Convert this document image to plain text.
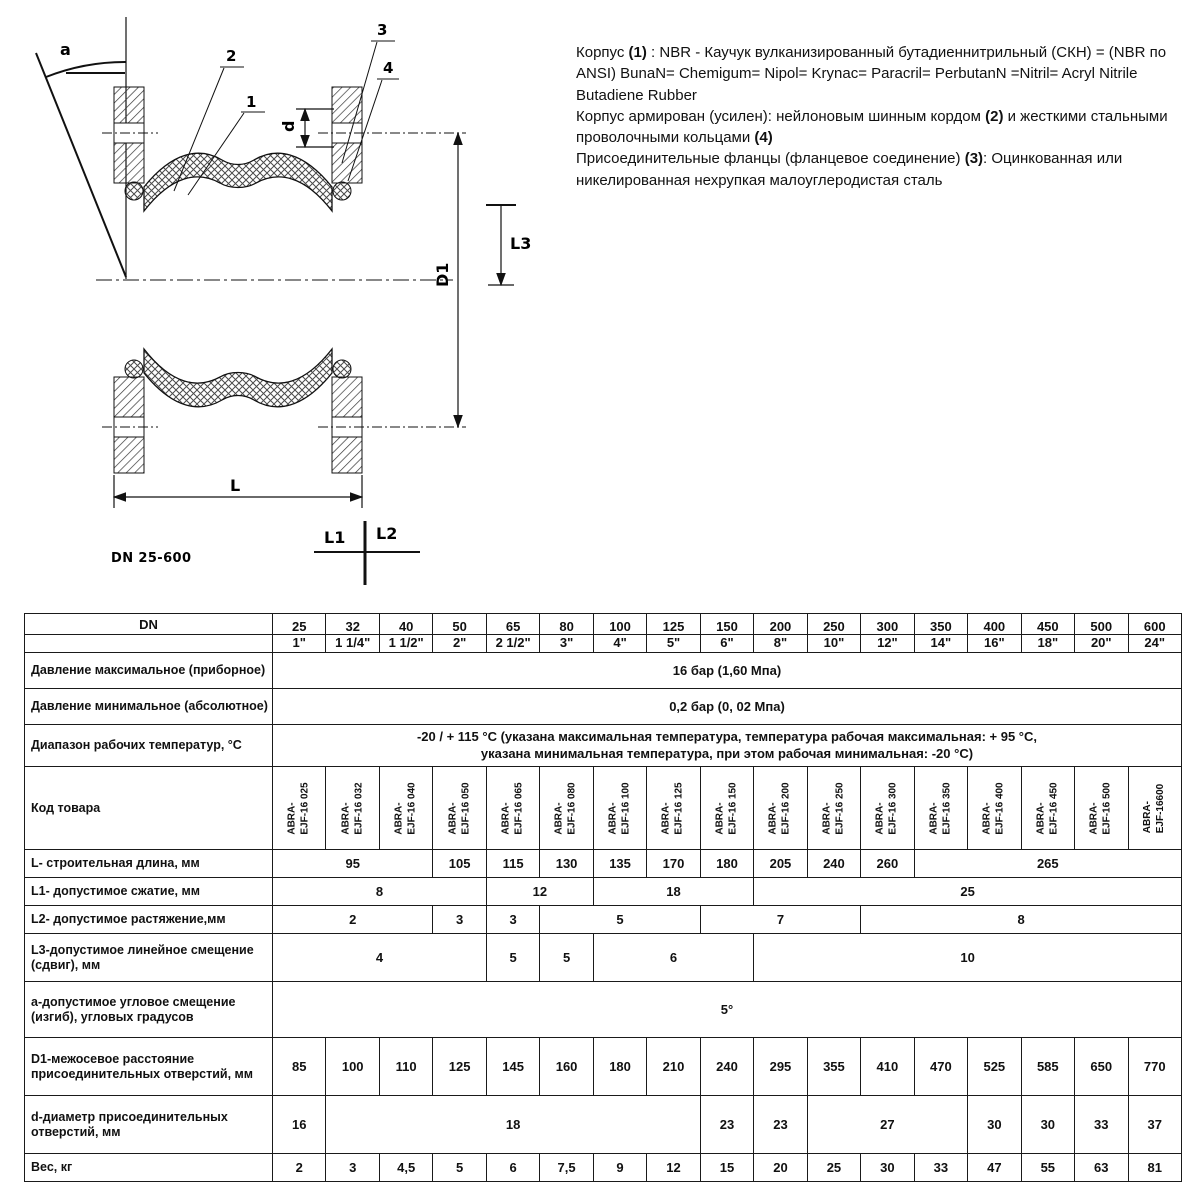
a
d
D1
L3
L
L1 L2
1
2
3
4
DN 25-600

Корпус (1) : NBR - Каучук вулканизированный бутадиеннитрильный (СКН) = (NBR по ANSI) BunaN= Chemigum= Nipol= Krynac= Paracril= PerbutanN =Nitril= Acryl Nitrile Butadiene Rubber

Корпус армирован (усилен): нейлоновым шинным кордом (2) и жесткими стальными проволочными кольцами (4)

Присоединительные фланцы (фланцевое соединение) (3): Оцинкованная или никелированная нехрупкая малоуглеродистая сталь

DN	25	32	40	50	65	80	100	125	150	200	250	300	350	400	450	500	600
	1"	1 1/4"	1 1/2"	2"	2 1/2"	3"	4"	5"	6"	8"	10"	12"	14"	16"	18"	20"	24"
Давление максимальное (приборное)	16 бар (1,60 Мпа)																
Давление минимальное (абсолютное)	0,2 бар (0, 02 Мпа)																
Диапазон рабочих температур, °С	-20 / + 115 °С (указана максимальная температура, температура рабочая максимальная: + 95 °С,
указана минимальная температура, при этом рабочая минимальная: -20 °С)																
Код товара	ABRA- EJF-16 025	ABRA- EJF-16 032	ABRA- EJF-16 040	ABRA- EJF-16 050	ABRA- EJF-16 065	ABRA- EJF-16 080	ABRA- EJF-16 100	ABRA- EJF-16 125	ABRA- EJF-16 150	ABRA- EJF-16 200	ABRA- EJF-16 250	ABRA- EJF-16 300	ABRA- EJF-16 350	ABRA- EJF-16 400	ABRA- EJF-16 450	ABRA- EJF-16 500	ABRA- EJF-16600

L- строительная длина, мм	95			105	115	130	135	170	180	205	240	260	265				
L1- допустимое сжатие, мм	8				12		18			25							
L2- допустимое растяжение,мм	2			3	3	5			7			8					
L3-допустимое линейное смещение (сдвиг), мм	4				5	5	6			10							
а-допустимое угловое смещение (изгиб), угловых градусов	5°																
D1-межосевое расстояние присоединительных отверстий, мм	85	100	110	125	145	160	180	210	240	295	355	410	470	525	585	650	770
d-диаметр присоединительных отверстий, мм	16	18							23	23	27			30	30	33	37
Вес, кг	2	3	4,5	5	6	7,5	9	12	15	20	25	30	33	47	55	63	81
